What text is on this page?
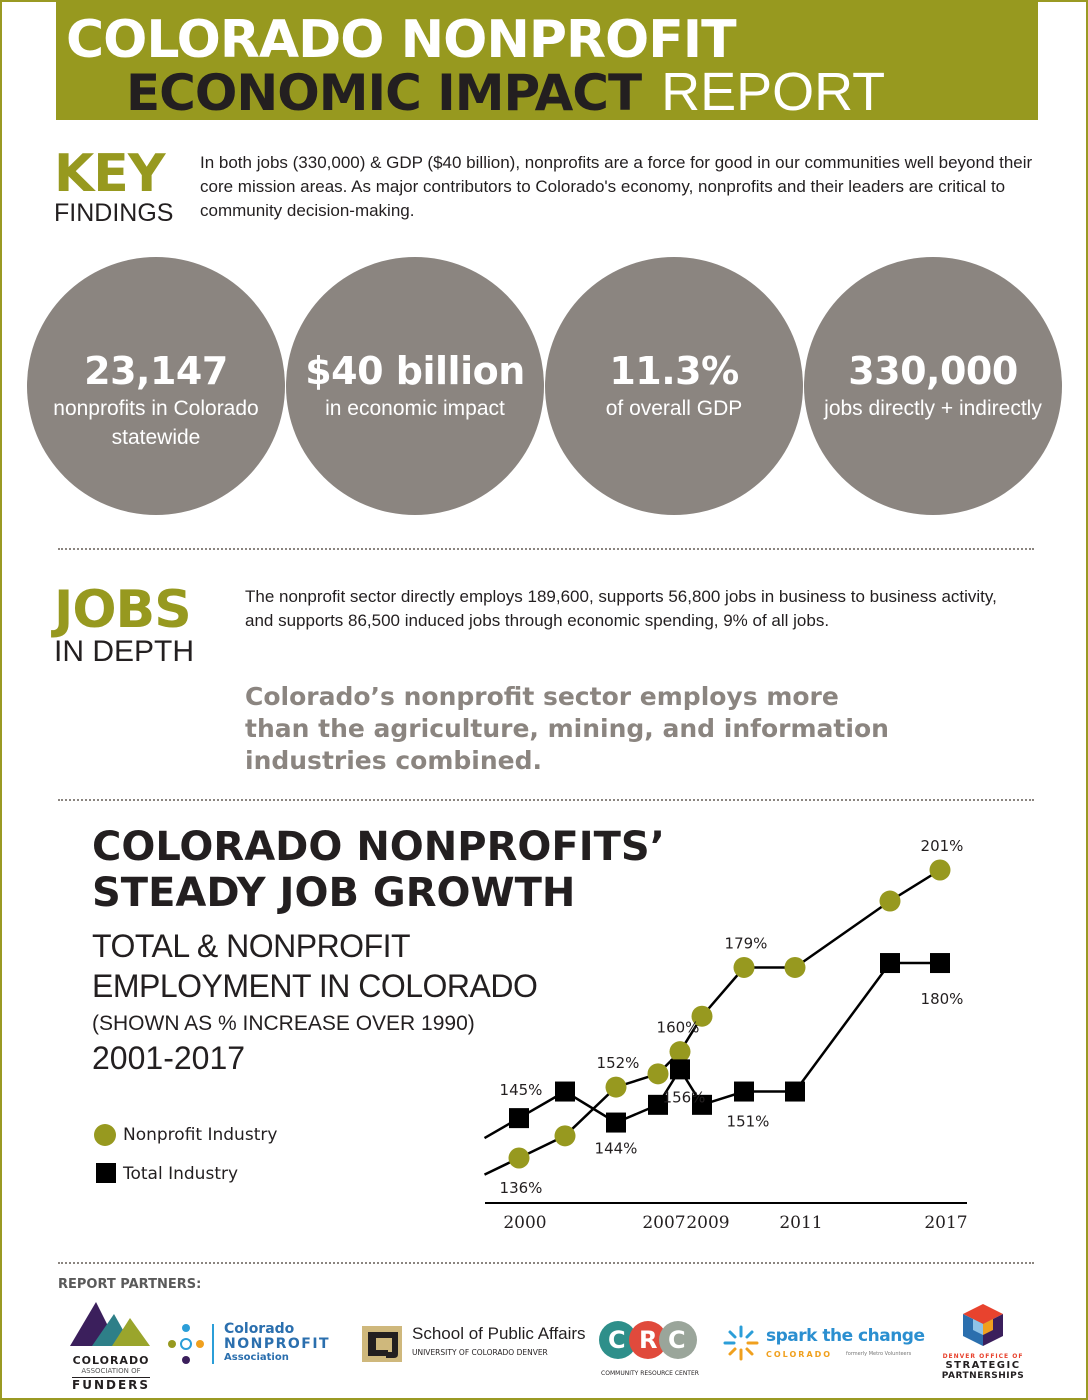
COLORADO NONPROFIT
ECONOMIC IMPACT REPORT
KEY
FINDINGS
In both jobs (330,000) & GDP ($40 billion), nonprofits are a force for good in our communities well beyond their core mission areas. As major contributors to Colorado's economy, nonprofits and their leaders are critical to community decision-making.
23,147
nonprofits in Colorado statewide
$40 billion
in economic impact
11.3%
of overall GDP
330,000
jobs directly + indirectly
JOBS
IN DEPTH
The nonprofit sector directly employs 189,600, supports 56,800 jobs in business to business activity, and supports 86,500 induced jobs through economic spending, 9% of all jobs.
Colorado’s nonprofit sector employs more than the agriculture, mining, and information industries combined.
COLORADO NONPROFITS’
STEADY JOB GROWTH
TOTAL & NONPROFIT
EMPLOYMENT IN COLORADO
(SHOWN AS % INCREASE OVER 1990)
2001-2017
Nonprofit Industry
Total Industry
136%
152%
160%
179%
201%
145%
144%
156%
151%
180%
2000	2007 2009	2011	2017
REPORT PARTNERS:
COLORADO
ASSOCIATION OF
FUNDERS
Colorado
NONPROFIT
Association
School of Public Affairs
UNIVERSITY OF COLORADO DENVER	C R C
COMMUNITY RESOURCE CENTER
spark the change
COLORADO	formerly Metro Volunteers	DENVER OFFICE OF
STRATEGIC
PARTNERSHIPS
